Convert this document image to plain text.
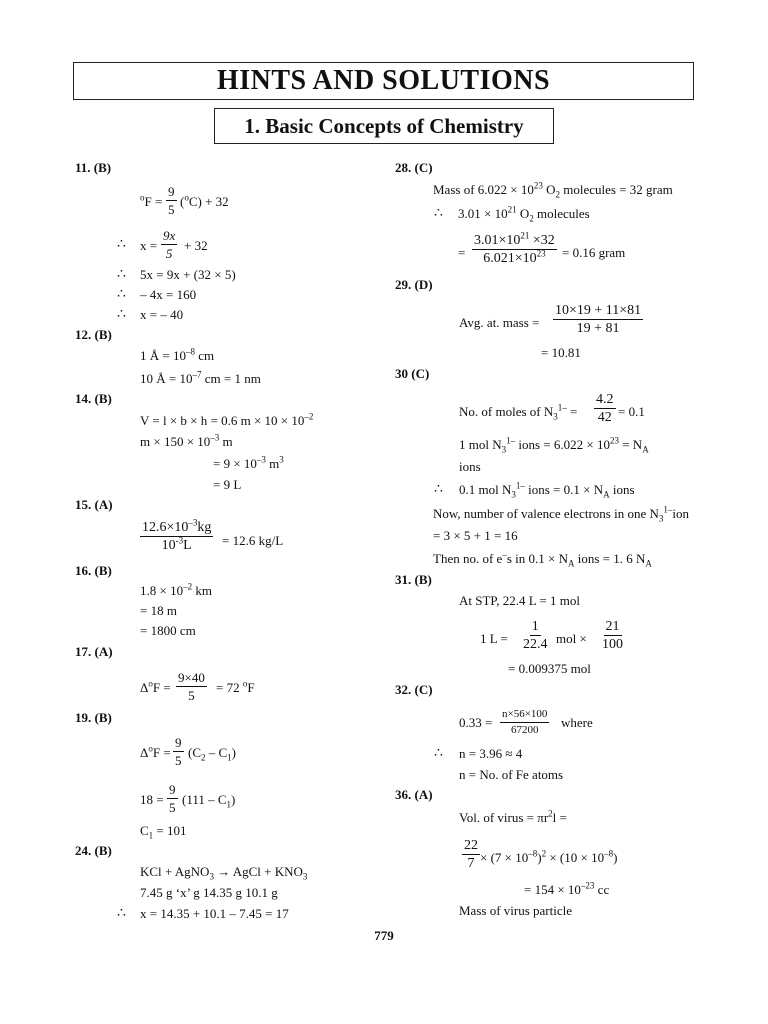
HINTS AND SOLUTIONS
1. Basic Concepts of Chemistry
11. (B)
$^oF = \frac{9}{5} (^oC) + 32$
∴ $x = \frac{9x}{5} + 32$
∴ 5x = 9x + (32 × 5)
∴ – 4x = 160
∴ x = – 40
12. (B)
1 Å = $10^{-8}$ cm
10 Å = $10^{-7}$ cm = 1 nm
14. (B)
V = l × b × h = 0.6 $m \times 10 \times 10^{-2}$
$m \times 150 \times 10^{-3}$ m
= $9 \times 10^{-3}$ $m^3$
= 9 L
15. (A)
$\frac{12.6\times 10^{-3}kg}{10^{-3}L} = 12.6$ kg/L
16. (B)
$1.8 \times 10^{-2}$ km
= 18 m
= 1800 cm
17. (A)
$\Delta^oF = \frac{9\times 40}{5} = 72$ $^o$F
19. (B)
$\Delta^oF = \frac{9}{5} (C_2 - C_1)$
$18 = \frac{9}{5} (111 - C_1)$
$C_1 = 101$
24. (B)
KCl + AgNO$_3$ → AgCl + $KNO_3$
7.45 g ‘x’ g 14.35 g 10.1 g
∴ x = 14.35 + 10.1 – 7.45 = 17
28. (C)
Mass of $6.022 \times 10^{23}$ $O_2$ molecules = 32 gram
∴ $3.01 \times 10^{21}$ $O_2$ molecules
= $\frac{3.01\times 10^{21} \times 32}{6.021\times 10^{23}} = 0.16$ gram
29. (D)
Avg. at. mass = $\frac{10\times 19 + 11\times 81}{19 + 81}$
= 10.81
30 (C)
No. of moles of $N_3^{1-} = \frac{4.2}{42} = 0.1$
1 mol $N_3^{1-}$ ions = $6.022 \times 10^{23} = N_A$
ions
∴ 0.1 mol $N_3^{1-}$ ions = $0.1 \times N_A$ ions
Now, number of valence electrons in one $N_3^{1-}ion$
= 3 × 5 + 1 = 16
Then no. of e–s in $0.1 \times N_A$ ions = 1. 6 $N_A$
31. (B)
At STP, 22.4 L = 1 mol
1 $L = \frac{1}{22.4}$ mol × $\frac{21}{100}$
= 0.009375 mol
32. (C)
$0.33 = \frac{n\times 56\times 100}{67200}$ where
∴ n = 3.96 ≈ 4
n = No. of Fe atoms
36. (A)
Vol. of virus = $\pi r^2l$ =
$\frac{22}{7} \times (7 \times 10^{-8})^2 \times (10 \times 10^{-8})$
= $154 \times 10^{-23}$ cc
Mass of virus particle
779
